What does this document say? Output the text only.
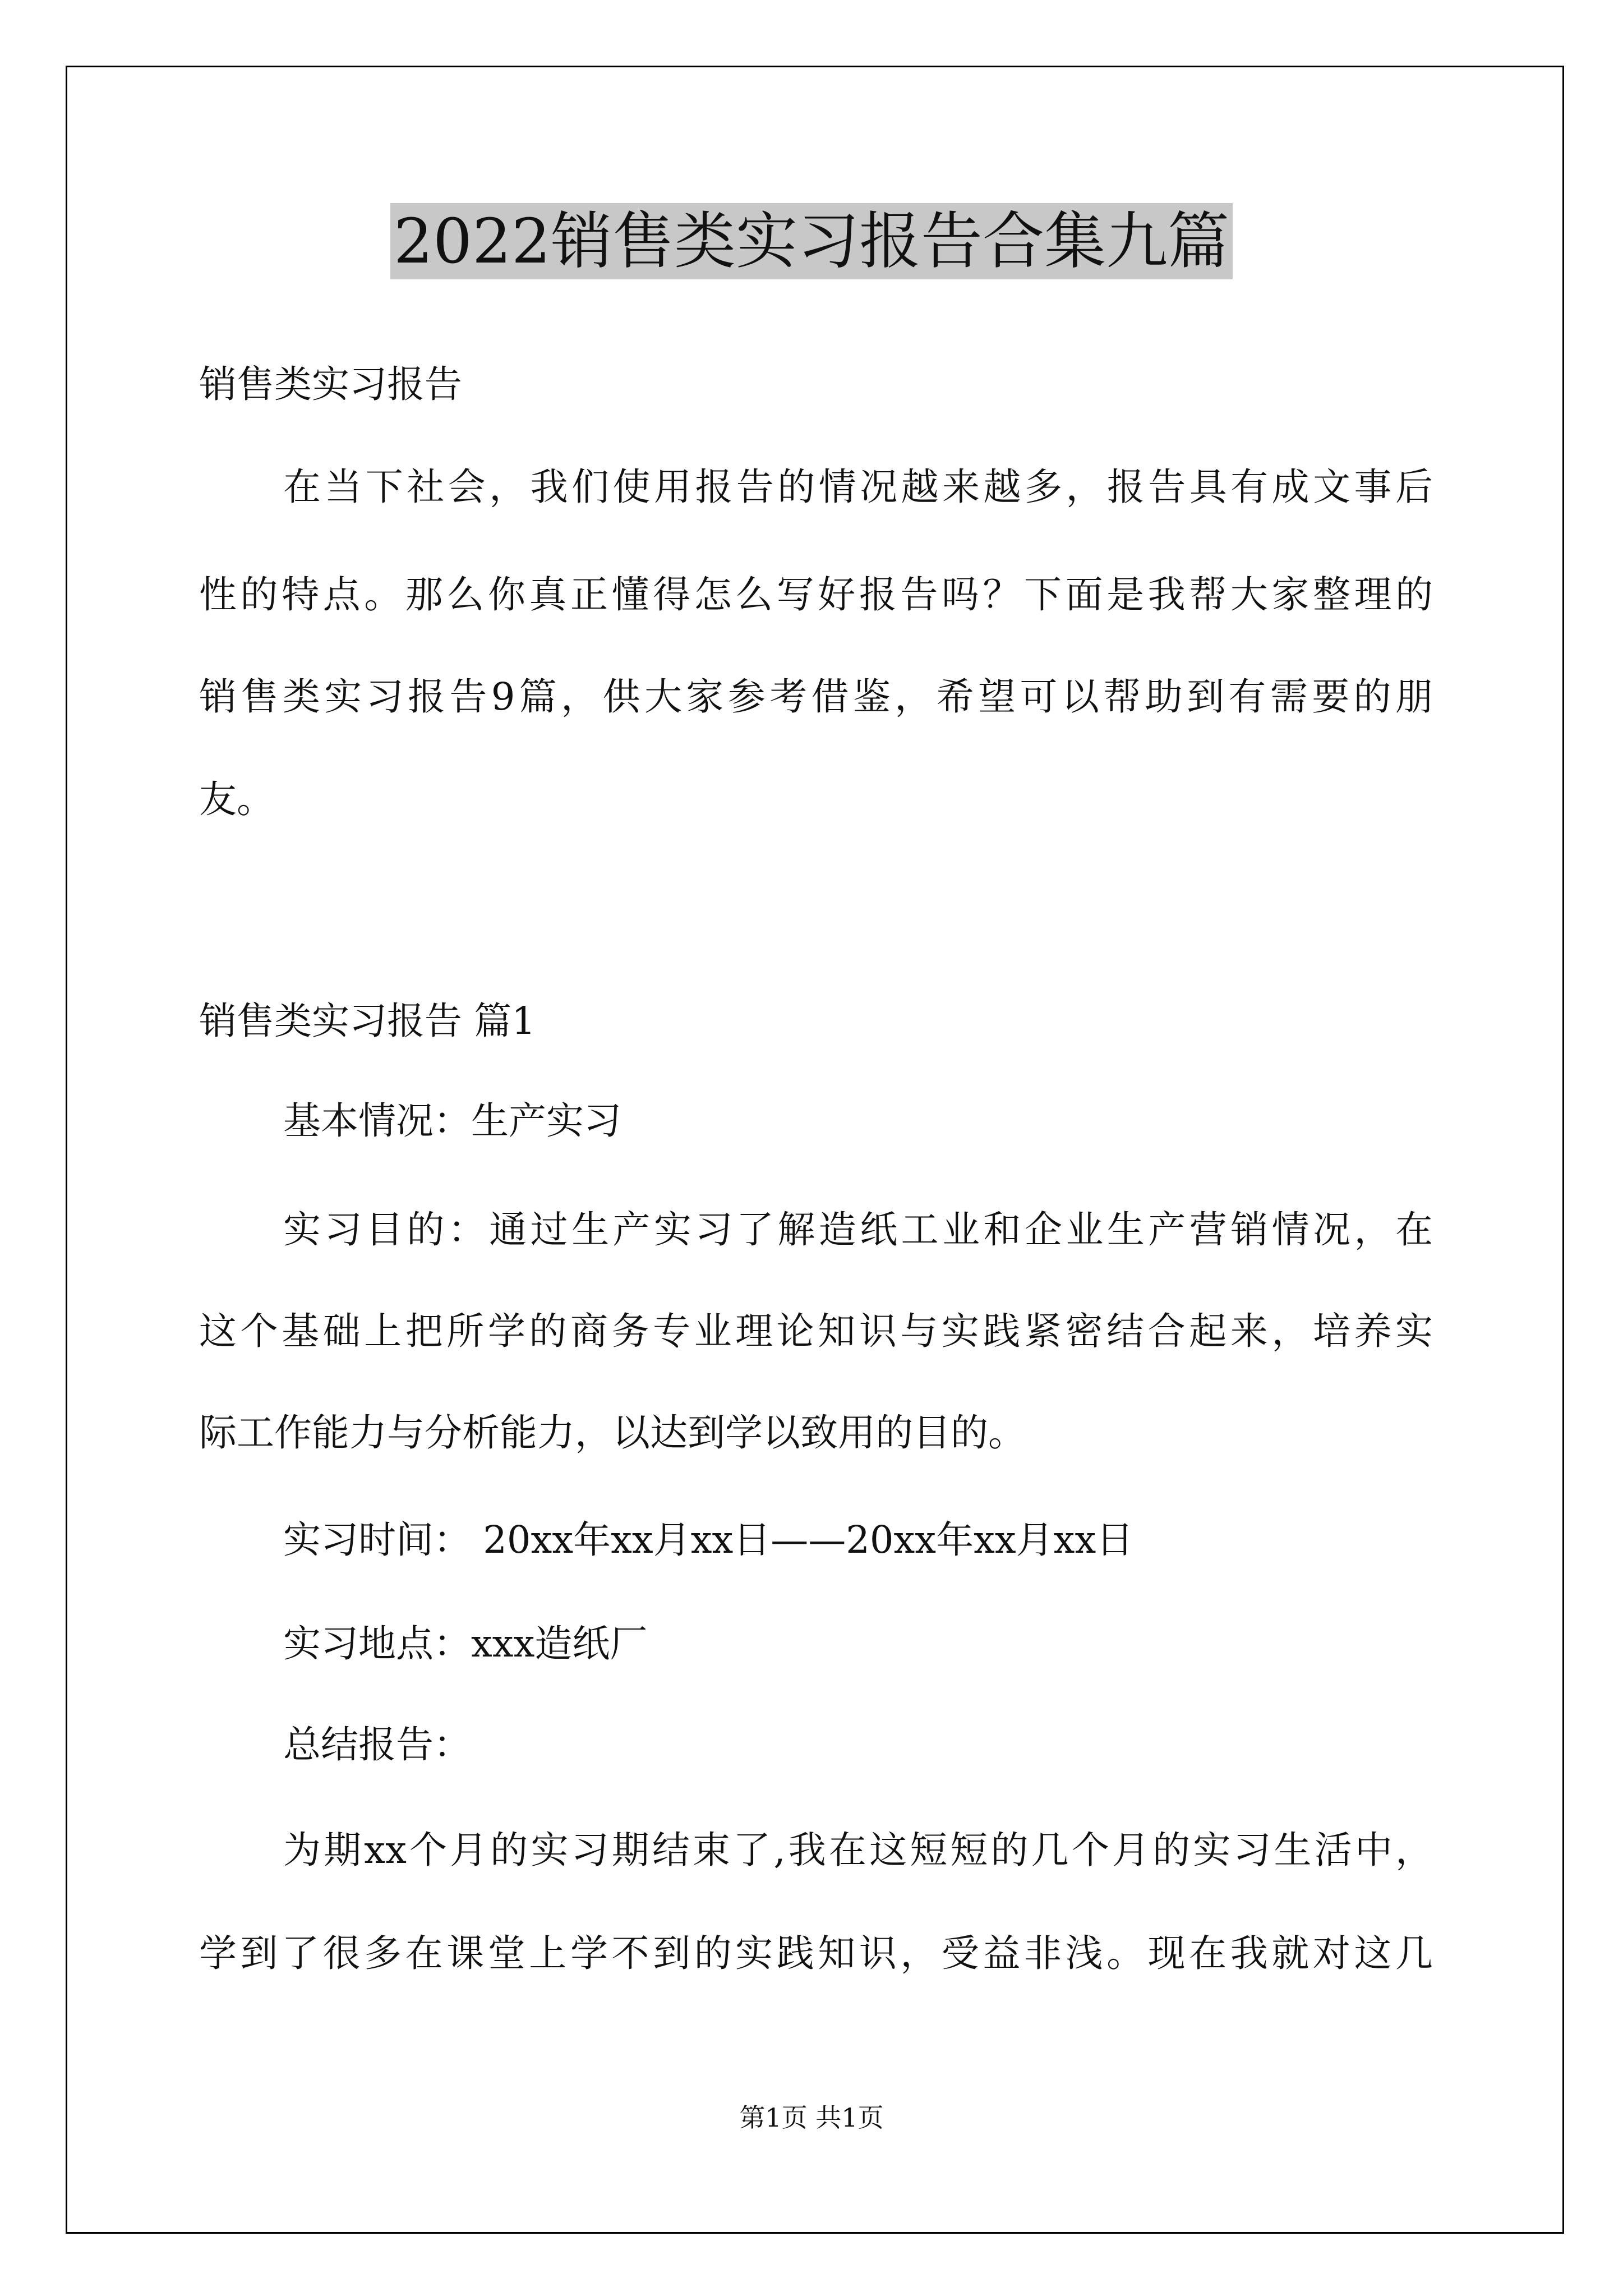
2022销售类实习报告合集九篇
销售类实习报告
在当下社会，我们使用报告的情况越来越多，报告具有成文事后
性的特点。那么你真正懂得怎么写好报告吗？下面是我帮大家整理的
销售类实习报告9篇，供大家参考借鉴，希望可以帮助到有需要的朋
友。
销售类实习报告 篇1
基本情况：生产实习
实习目的：通过生产实习了解造纸工业和企业生产营销情况，在
这个基础上把所学的商务专业理论知识与实践紧密结合起来，培养实
际工作能力与分析能力，以达到学以致用的目的。
实习时间： 20xx年xx月xx日——20xx年xx月xx日
实习地点：xxx造纸厂
总结报告：
为期xx个月的实习期结束了,我在这短短的几个月的实习生活中，
学到了很多在课堂上学不到的实践知识，受益非浅。现在我就对这几
第1页 共1页
